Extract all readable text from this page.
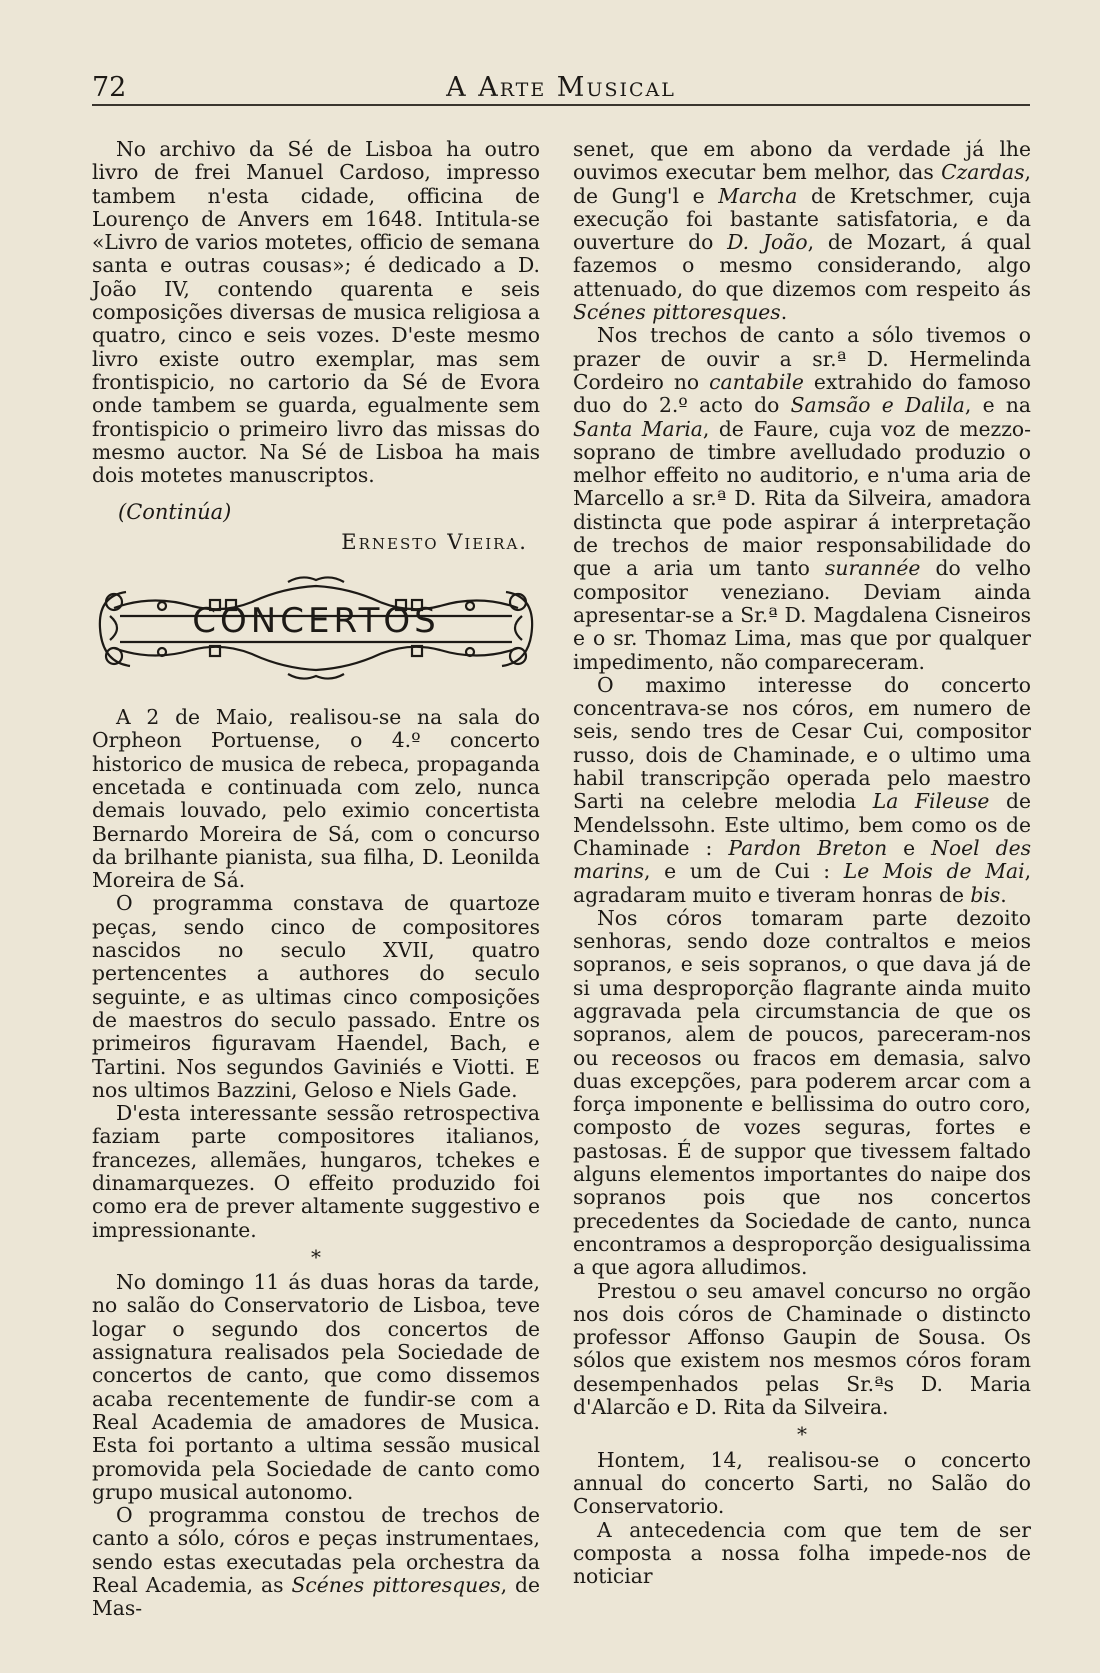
72	A Arte Musical

No archivo da Sé de Lisboa ha outro livro de frei Manuel Cardoso, impresso tambem n'esta cidade, officina de Lourenço de Anvers em 1648. Intitula-se «Livro de varios motetes, officio de semana santa e outras cousas»; é dedicado a D. João IV, contendo quarenta e seis composições diversas de musica religiosa a quatro, cinco e seis vozes. D'este mesmo livro existe outro exemplar, mas sem frontispicio, no cartorio da Sé de Evora onde tambem se guarda, egualmente sem frontispicio o primeiro livro das missas do mesmo auctor. Na Sé de Lisboa ha mais dois motetes manuscriptos.

(Continúa)
Ernesto Vieira.
CONCERTOS

A 2 de Maio, realisou-se na sala do Orpheon Portuense, o 4.º concerto historico de musica de rebeca, propaganda encetada e continuada com zelo, nunca demais louvado, pelo eximio concertista Bernardo Moreira de Sá, com o concurso da brilhante pianista, sua filha, D. Leonilda Moreira de Sá.

O programma constava de quartoze peças, sendo cinco de compositores nascidos no seculo XVII, quatro pertencentes a authores do seculo seguinte, e as ultimas cinco composições de maestros do seculo passado. Entre os primeiros figuravam Haendel, Bach, e Tartini. Nos segundos Gaviniés e Viotti. E nos ultimos Bazzini, Geloso e Niels Gade.

D'esta interessante sessão retrospectiva faziam parte compositores italianos, francezes, allemães, hungaros, tchekes e dinamarquezes. O effeito produzido foi como era de prever altamente suggestivo e impressionante.

*

No domingo 11 ás duas horas da tarde, no salão do Conservatorio de Lisboa, teve logar o segundo dos concertos de assignatura realisados pela Sociedade de concertos de canto, que como dissemos acaba recentemente de fundir-se com a Real Academia de amadores de Musica. Esta foi portanto a ultima sessão musical promovida pela Sociedade de canto como grupo musical autonomo.

O programma constou de trechos de canto a sólo, córos e peças instrumentaes, sendo estas executadas pela orchestra da Real Academia, as Scénes pittoresques, de Mas-

senet, que em abono da verdade já lhe ouvimos executar bem melhor, das Czardas, de Gung'l e Marcha de Kretschmer, cuja execução foi bastante satisfatoria, e da ouverture do D. João, de Mozart, á qual fazemos o mesmo considerando, algo attenuado, do que dizemos com respeito ás Scénes pittoresques.

Nos trechos de canto a sólo tivemos o prazer de ouvir a sr.ª D. Hermelinda Cordeiro no cantabile extrahido do famoso duo do 2.º acto do Samsão e Dalila, e na Santa Maria, de Faure, cuja voz de mezzo-soprano de timbre avelludado produzio o melhor effeito no auditorio, e n'uma aria de Marcello a sr.ª D. Rita da Silveira, amadora distincta que pode aspirar á interpretação de trechos de maior responsabilidade do que a aria um tanto surannée do velho compositor veneziano. Deviam ainda apresentar-se a Sr.ª D. Magdalena Cisneiros e o sr. Thomaz Lima, mas que por qualquer impedimento, não compareceram.

O maximo interesse do concerto concentrava-se nos córos, em numero de seis, sendo tres de Cesar Cui, compositor russo, dois de Chaminade, e o ultimo uma habil transcripção operada pelo maestro Sarti na celebre melodia La Fileuse de Mendelssohn. Este ultimo, bem como os de Chaminade : Pardon Breton e Noel des marins, e um de Cui : Le Mois de Mai, agradaram muito e tiveram honras de bis.

Nos córos tomaram parte dezoito senhoras, sendo doze contraltos e meios sopranos, e seis sopranos, o que dava já de si uma desproporção flagrante ainda muito aggravada pela circumstancia de que os sopranos, alem de poucos, pareceram-nos ou receosos ou fracos em demasia, salvo duas excepções, para poderem arcar com a força imponente e bellissima do outro coro, composto de vozes seguras, fortes e pastosas. É de suppor que tivessem faltado alguns elementos importantes do naipe dos sopranos pois que nos concertos precedentes da Sociedade de canto, nunca encontramos a desproporção desigualissima a que agora alludimos.

Prestou o seu amavel concurso no orgão nos dois córos de Chaminade o distincto professor Affonso Gaupin de Sousa. Os sólos que existem nos mesmos córos foram desempenhados pelas Sr.ªs D. Maria d'Alarcão e D. Rita da Silveira.

*

Hontem, 14, realisou-se o concerto annual do concerto Sarti, no Salão do Conservatorio.

A antecedencia com que tem de ser composta a nossa folha impede-nos de noticiar
